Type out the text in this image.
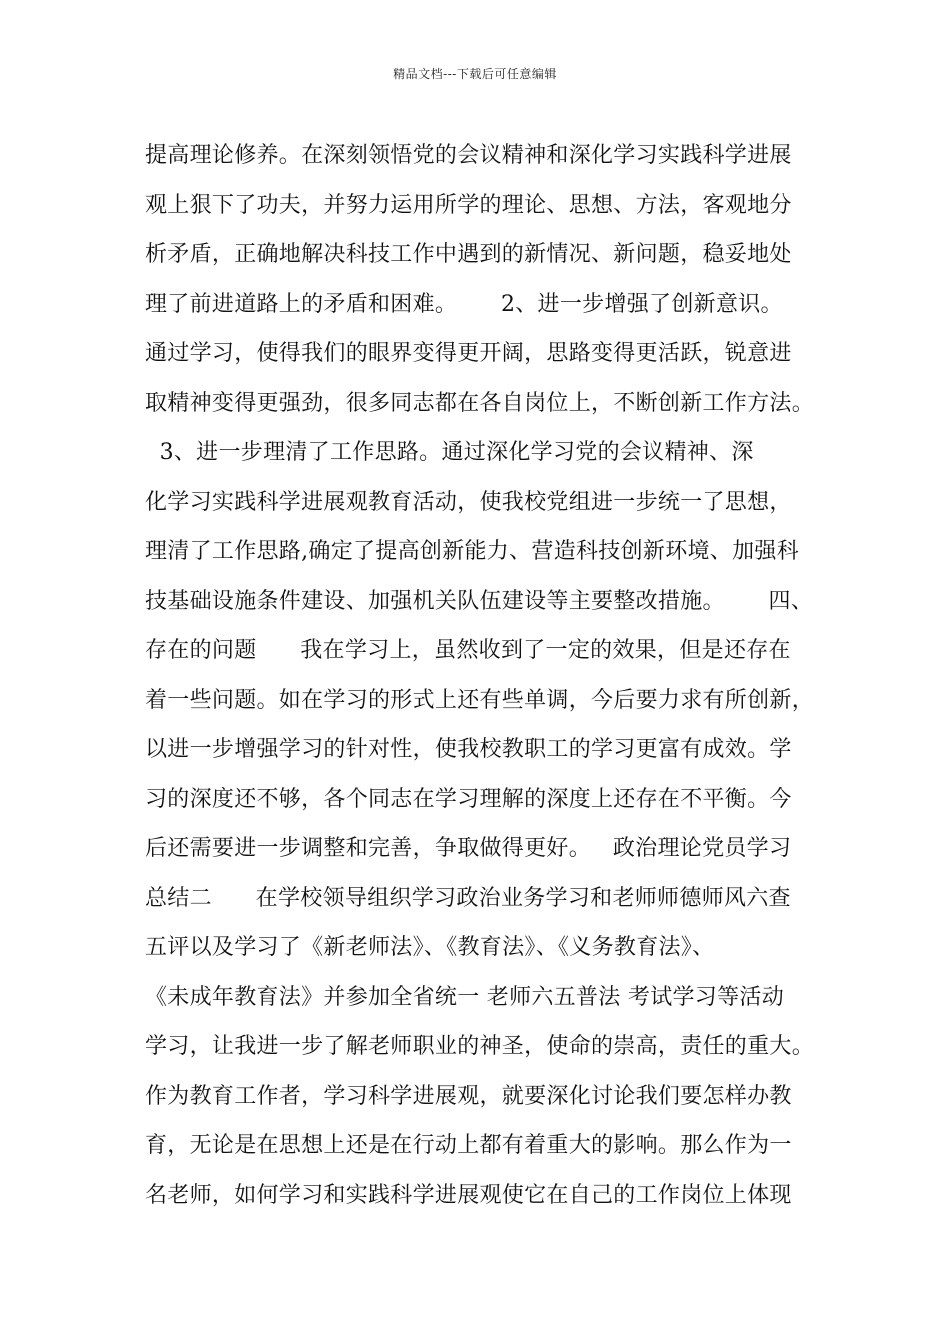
精品文档---下载后可任意编辑
提高理论修养。在深刻领悟党的会议精神和深化学习实践科学进展
观上狠下了功夫，并努力运用所学的理论、思想、方法，客观地分
析矛盾，正确地解决科技工作中遇到的新情况、新问题，稳妥地处
理了前进道路上的矛盾和困难。      2、进一步增强了创新意识。
通过学习，使得我们的眼界变得更开阔，思路变得更活跃，锐意进
取精神变得更强劲，很多同志都在各自岗位上，不断创新工作方法。
3、进一步理清了工作思路。通过深化学习党的会议精神、深
化学习实践科学进展观教育活动，使我校党组进一步统一了思想，
理清了工作思路,确定了提高创新能力、营造科技创新环境、加强科
技基础设施条件建设、加强机关队伍建设等主要整改措施。      四、
存在的问题      我在学习上，虽然收到了一定的效果，但是还存在
着一些问题。如在学习的形式上还有些单调，今后要力求有所创新，
以进一步增强学习的针对性，使我校教职工的学习更富有成效。学
习的深度还不够，各个同志在学习理解的深度上还存在不平衡。今
后还需要进一步调整和完善，争取做得更好。   政治理论党员学习
总结二      在学校领导组织学习政治业务学习和老师师德师风六查
五评以及学习了《新老师法》、《教育法》、《义务教育法》、
《未成年教育法》并参加全省统一 老师六五普法 考试学习等活动
学习，让我进一步了解老师职业的神圣，使命的崇高，责任的重大。
作为教育工作者，学习科学进展观，就要深化讨论我们要怎样办教
育，无论是在思想上还是在行动上都有着重大的影响。那么作为一
名老师，如何学习和实践科学进展观使它在自己的工作岗位上体现
